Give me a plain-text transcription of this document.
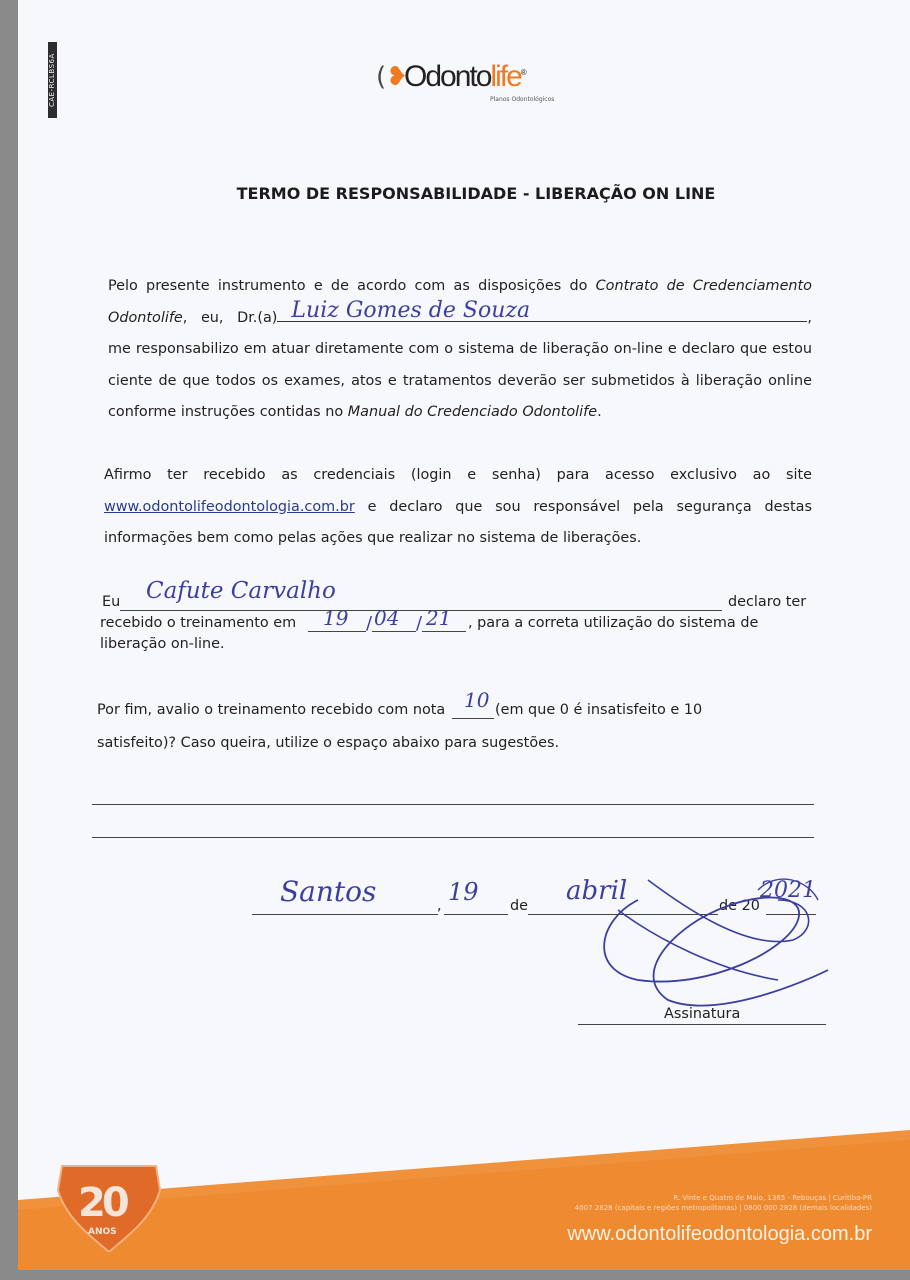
CAE-RCLBS6A	(❥
Odontolife®
Planos Odontológicos
TERMO DE RESPONSABILIDADE - LIBERAÇÃO ON LINE
Pelo presente instrumento e de acordo com as disposições do Contrato de Credenciamento Odontolife, eu, Dr.(a) Luiz Gomes de Souza	, me responsabilizo em atuar diretamente com o sistema de liberação on-line e declaro que estou ciente de que todos os exames, atos e tratamentos deverão ser submetidos à liberação online conforme instruções contidas no Manual do Credenciado Odontolife.
Afirmo ter recebido as credenciais (login e senha) para acesso exclusivo ao site www.odontolifeodontologia.com.br e declaro que sou responsável pela segurança destas informações bem como pelas ações que realizar no sistema de liberações.
Eu Cafute Carvalho	declaro ter
recebido o treinamento em 19 / 04 / 21 , para a correta utilização do sistema de
liberação on-line.
Por fim, avalio o treinamento recebido com nota 10 (em que 0 é insatisfeito e 10
satisfeito)? Caso queira, utilize o espaço abaixo para sugestões.
Santos	, 19 de abril	de 20
2021
Assinatura
20
ANOS
R. Vinte e Quatro de Maio, 1365 - Rebouças | Curitiba-PR
4007 2828 (capitais e regiões metropolitanas) | 0800 000 2828 (demais localidades)
www.odontolifeodontologia.com.br
